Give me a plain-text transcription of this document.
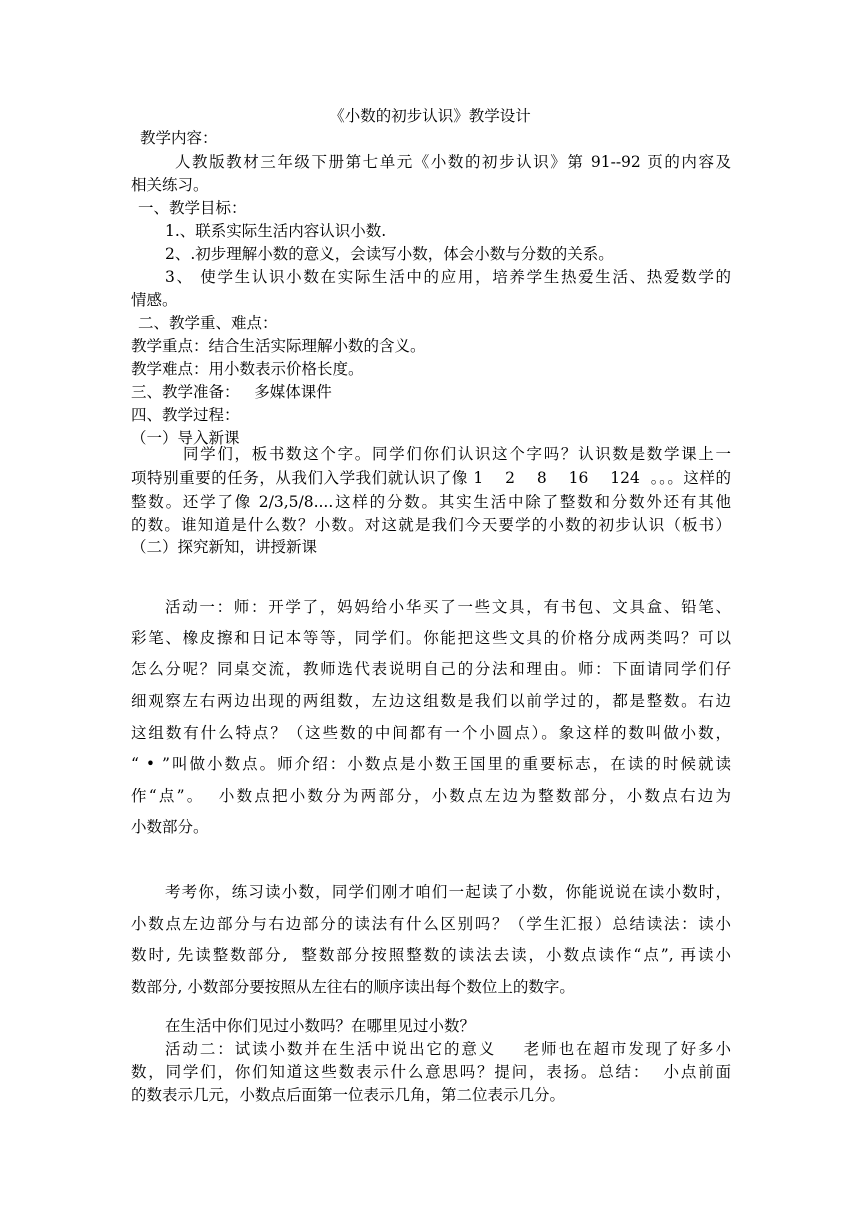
《小数的初步认识》教学设计
教学内容：
人教版教材三年级下册第七单元《小数的初步认识》第 91--92 页的内容及
相关练习。
一、教学目标：
1.、联系实际生活内容认识小数.
2、.初步理解小数的意义，会读写小数，体会小数与分数的关系。
3、 使学生认识小数在实际生活中的应用，培养学生热爱生活、热爱数学的
情感。
二、教学重、难点：
教学重点：结合生活实际理解小数的含义。
教学难点：用小数表示价格长度。
三、教学准备：   多媒体课件
四、教学过程：
（一）导入新课
同学们，板书数这个字。同学们你们认识这个字吗？认识数是数学课上一
项特别重要的任务，从我们入学我们就认识了像 1    2    8    16    124  。。。这样的
整数。还学了像 2/3,5/8....这样的分数。其实生活中除了整数和分数外还有其他
的数。谁知道是什么数？小数。对这就是我们今天要学的小数的初步认识（板书）
（二）探究新知，讲授新课
活动一：师：开学了，妈妈给小华买了一些文具，有书包、文具盒、铅笔、
彩笔、橡皮擦和日记本等等，同学们。你能把这些文具的价格分成两类吗？可以
怎么分呢？同桌交流，教师选代表说明自己的分法和理由。师：下面请同学们仔
细观察左右两边出现的两组数，左边这组数是我们以前学过的，都是整数。右边
这组数有什么特点？（这些数的中间都有一个小圆点）。象这样的数叫做小数，
“ • ”叫做小数点。师介绍：小数点是小数王国里的重要标志，在读的时候就读
作“点”。  小数点把小数分为两部分，小数点左边为整数部分，小数点右边为
小数部分。
考考你，练习读小数，同学们刚才咱们一起读了小数，你能说说在读小数时，
小数点左边部分与右边部分的读法有什么区别吗？（学生汇报）总结读法：读小
数时, 先读整数部分,  整数部分按照整数的读法去读，小数点读作“点”, 再读小
数部分, 小数部分要按照从左往右的顺序读出每个数位上的数字。
在生活中你们见过小数吗？在哪里见过小数？
活动二：试读小数并在生活中说出它的意义    老师也在超市发现了好多小
数，同学们，你们知道这些数表示什么意思吗？提问，表扬。总结：  小点前面
的数表示几元，小数点后面第一位表示几角，第二位表示几分。
